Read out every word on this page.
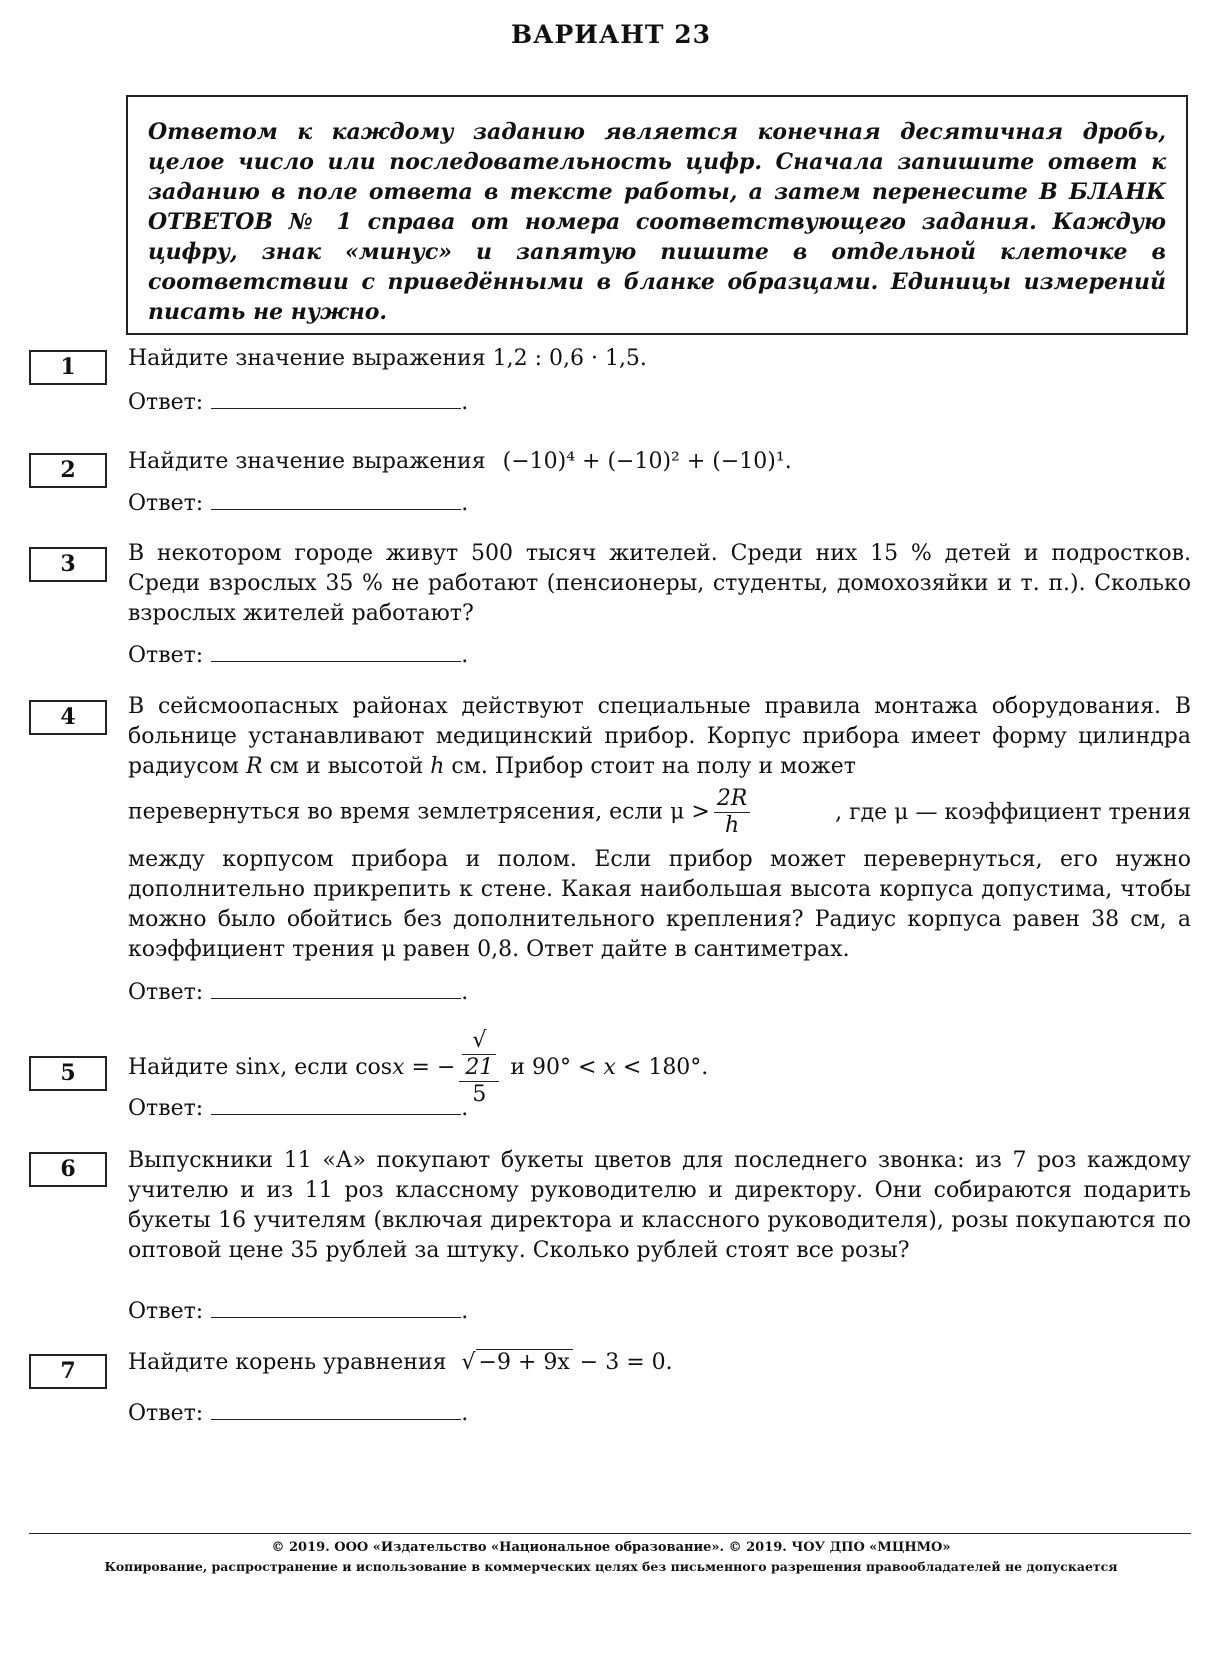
ВАРИАНТ 23
Ответом к каждому заданию является конечная десятичная дробь, целое число или последовательность цифр. Сначала запишите ответ к заданию в поле ответа в тексте работы, а затем перенесите В БЛАНК ОТВЕТОВ № 1 справа от номера соответствующего задания. Каждую цифру, знак «минус» и запятую пишите в отдельной клеточке в соответствии с приведёнными в бланке образцами. Единицы измерений писать не нужно.
1	Найдите значение выражения 1,2 : 0,6 · 1,5.
Ответ:	.
2	Найдите значение выражения (−10)⁴ + (−10)² + (−10)¹.
Ответ:	.
3	В некотором городе живут 500 тысяч жителей. Среди них 15 % детей и подростков. Среди взрослых 35 % не работают (пенсионеры, студенты, домохозяйки и т. п.). Сколько взрослых жителей работают?
Ответ:	.
4	В сейсмоопасных районах действуют специальные правила монтажа оборудования. В больнице устанавливают медицинский прибор. Корпус прибора имеет форму цилиндра радиусом R см и высотой h см. Прибор стоит на полу и может
перевернуться во время землетрясения, если $\mu > \frac{2R}{h}$	, где μ — коэффициент трения
между корпусом прибора и полом. Если прибор может перевернуться, его нужно дополнительно прикрепить к стене. Какая наибольшая высота корпуса допустима, чтобы можно было обойтись без дополнительного крепления? Радиус корпуса равен 38 см, а коэффициент трения μ равен 0,8. Ответ дайте в сантиметрах.
Ответ:	.
5	Найдите sinx, если cosx = − √
21
5 и 90° < x < 180°.
Ответ:	.
6	Выпускники 11 «А» покупают букеты цветов для последнего звонка: из 7 роз каждому учителю и из 11 роз классному руководителю и директору. Они собираются подарить букеты 16 учителям (включая директора и классного руководителя), розы покупаются по оптовой цене 35 рублей за штуку. Сколько рублей стоят все розы?
Ответ:	.
7	Найдите корень уравнения √ −9 + 9x − 3 = 0.
Ответ:	.
© 2019. ООО «Издательство «Национальное образование». © 2019. ЧОУ ДПО «МЦНМО»
Копирование, распространение и использование в коммерческих целях без письменного разрешения правообладателей не допускается
